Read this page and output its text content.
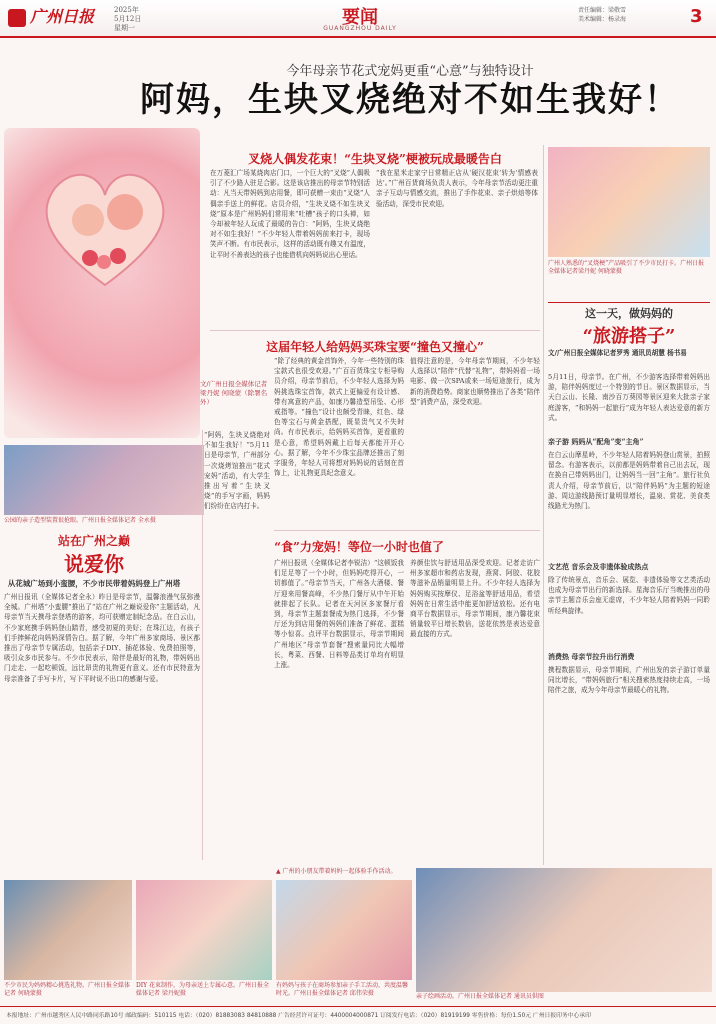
广州日报	2025年
5月12日
星期一	要闻
GUANGZHOU DAILY
责任编辑：梁敬雪
美术编辑：杨录海	3
今年母亲节花式宠妈更重“心意”与独特设计
阿妈，生块叉烧绝对不如生我好！
文/广州日报全媒体记者梁丹妮 何晓蒙（除署名外）
“阿妈，生块叉烧绝对不如生我好！”5月11日是母亲节，广州部分一次烧烤馆推出“花式宠妈”活动，有大学生推出写着“生块叉烧”的手写字画，妈妈们纷纷在店内打卡。
公园的亲子造型装置很抢眼。广州日报全媒体记者 全永摄
站在广州之巅
说爱你
从花城广场到小蛮腰，不少市民带着妈妈登上广州塔
广州日报讯（全媒体记者全永）昨日是母亲节，温馨浪漫气氛弥漫全城。广州塔“小蛮腰”推出了“站在广州之巅说爱你”主题活动，凡母亲节当天携母亲登塔的游客，均可获赠定制纪念品。在白云山，不少家庭携手妈妈登山踏青，感受初夏的美好；在珠江边，有孩子们手捧鲜花向妈妈深情告白。据了解，今年广州多家商场、景区都推出了母亲节专属活动，包括亲子DIY、插花体验、免费拍照等，吸引众多市民参与。不少市民表示，陪伴是最好的礼物，带妈妈出门走走、一起吃顿饭，远比昂贵的礼物更有意义。还有市民特意为母亲准备了手写卡片，写下平时说不出口的感谢与爱。
叉烧人偶发花束！“生块叉烧”梗被玩成最暖告白
在万菱汇广场某烧肉店门口，一个巨大的“叉烧”人偶吸引了不少路人驻足合影。这是该店推出的母亲节特别活动：凡当天带妈妈到店用餐，即可获赠一束由“叉烧”人偶亲手送上的鲜花。店员介绍，“生块叉烧不如生块叉烧”原本是广州妈妈们常用来“吐槽”孩子的口头禅，如今却被年轻人玩成了最暖的告白：“阿妈，生块叉烧绝对不如生我好！”不少年轻人带着妈妈前来打卡，现场笑声不断。有市民表示，这样的活动既有趣又有温度，让平时不善表达的孩子也能借机向妈妈说出心里话。
“我在星米走家宁日常精正店从‘硬汉花束’转为‘情感表达’。”广州百货商场负责人表示，今年母亲节活动更注重亲子互动与情感交流，推出了手作花束、亲子烘焙等体验活动，深受市民欢迎。
这届年轻人给妈妈买珠宝要“撞色又撞心”
“除了经典的黄金首饰外，今年一些特别的珠宝款式也很受欢迎。”广百百货珠宝专柜导购员介绍，母亲节前后，不少年轻人选择为妈妈挑选珠宝首饰，款式上更偏爱有设计感、带有寓意的产品，如康乃馨造型吊坠、心形戒指等。“撞色”设计也颇受青睐，红色、绿色等宝石与黄金搭配，既显贵气又不失时尚。有市民表示，给妈妈买首饰，更看重的是心意，希望妈妈戴上后每天都能开开心心。据了解，今年不少珠宝品牌还推出了刻字服务，年轻人可将想对妈妈说的话刻在首饰上，让礼物更具纪念意义。
值得注意的是，今年母亲节期间，不少年轻人选择以“陪伴”代替“礼物”，带妈妈看一场电影、做一次SPA或来一场短途旅行，成为新的消费趋势。商家也顺势推出了各类“陪伴型”消费产品，深受欢迎。
“食”力宠妈！等位一小时也值了
广州日报讯（全媒体记者李锐洁）“这顿饭我们足足等了一个小时，但妈妈吃得开心，一切都值了。”母亲节当天，广州各大酒楼、餐厅迎来用餐高峰，不少热门餐厅从中午开始就排起了长队。记者在天河区多家餐厅看到，母亲节主题套餐成为热门选择，不少餐厅还为到店用餐的妈妈们准备了鲜花、蛋糕等小惊喜。点评平台数据显示，母亲节期间广州地区“母亲节套餐”搜索量同比大幅增长，粤菜、西餐、日料等品类订单均有明显上涨。
养颜佳饮与舒适用品深受欢迎。记者走访广州多家超市和药店发现，燕窝、阿胶、花胶等滋补品销量明显上升。不少年轻人选择为妈妈购买按摩仪、足浴盆等舒适用品，希望妈妈在日常生活中能更加舒适放松。还有电商平台数据显示，母亲节期间，康乃馨花束销量较平日增长数倍，送花依然是表达爱意最直接的方式。
广州人熟悉的“叉烧梗”产品吸引了不少市民打卡。广州日报全媒体记者梁丹妮 何晓蒙摄
这一天，做妈妈的
“旅游搭子”
文/广州日报全媒体记者罗秀 通讯员胡慧 杨书易
5月11日，母亲节。在广州，不少游客选择带着妈妈出游，陪伴妈妈度过一个特别的节日。景区数据显示，当天白云山、长隆、南沙百万葵园等景区迎来大批亲子家庭游客，“和妈妈一起旅行”成为年轻人表达爱意的新方式。
亲子游 妈妈从“配角”变“主角”
在白云山摩星岭，不少年轻人陪着妈妈登山赏景，拍照留念。有游客表示，以前都是妈妈带着自己出去玩，现在换自己带妈妈出门，让妈妈当一回“主角”。旅行社负责人介绍，母亲节前后，以“陪伴妈妈”为主题的短途游、周边游线路预订量明显增长，温泉、赏花、美食类线路尤为热门。
文艺范 音乐会及非遗体验成热点
除了传统景点，音乐会、展览、非遗体验等文艺类活动也成为母亲节出行的新选择。星海音乐厅当晚推出的母亲节主题音乐会座无虚席，不少年轻人陪着妈妈一同聆听经典旋律。
消费热 母亲节拉升出行消费
携程数据显示，母亲节期间，广州出发的亲子游订单量同比增长，“带妈妈旅行”相关搜索热度持续走高，一场陪伴之旅，成为今年母亲节最暖心的礼物。
不少市民为妈妈精心挑选礼物。广州日报全媒体记者 何晓蒙摄
DIY 花束制作，为母亲送上专属心意。广州日报全媒体记者 梁丹妮摄
有妈妈与孩子在商场参加亲子手工活动，共度温馨时光。广州日报全媒体记者 邱伟荣摄	亲子绘画活动。广州日报全媒体记者 通讯员供图
▲ 广州的小朋友带着妈妈一起体验手作活动。
本报地址：广州市越秀区人民中路同乐路10号 邮政编码：510115 电话：（020）81883083 84810888 广告经营许可证号：4400004000871 订阅发行电话：（020）81919199 零售价格：每份1.50元 广州日报印务中心承印
